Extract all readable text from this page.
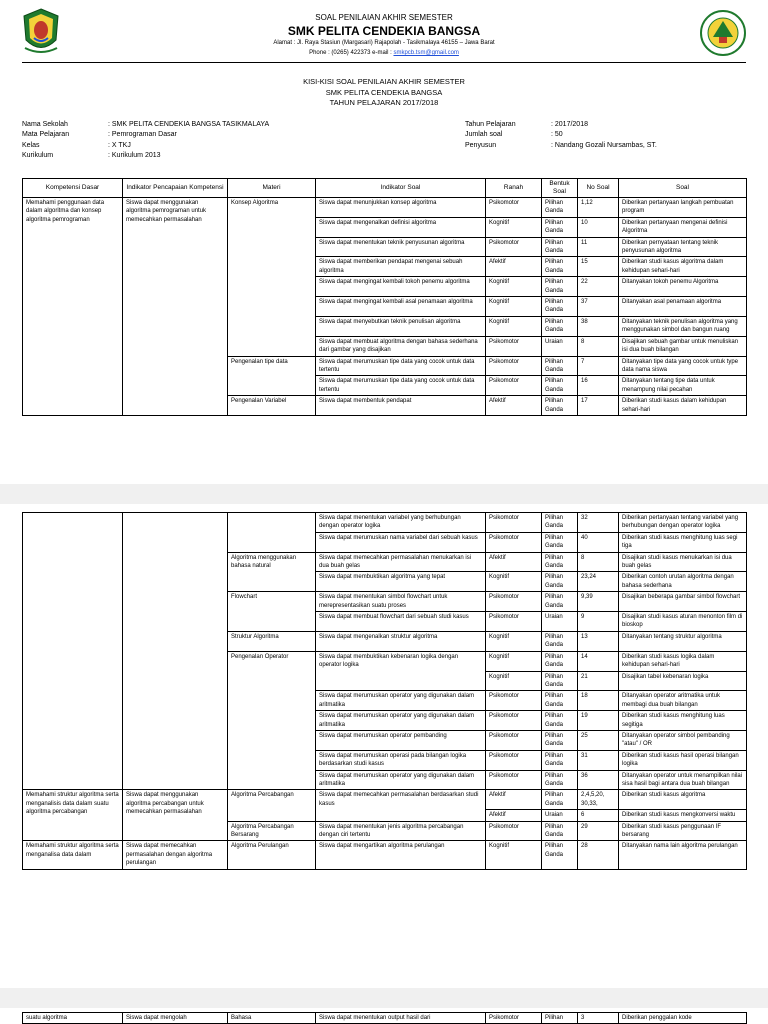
SOAL PENILAIAN AKHIR SEMESTER
SMK PELITA CENDEKIA BANGSA
Alamat : Jl. Raya Stasiun (Margasari) Rajapolah - Tasikmalaya 46155 – Jawa Barat
Phone : (0265) 422373 e-mail : smkpcb.tsm@gmail.com
KISI-KISI SOAL PENILAIAN AKHIR SEMESTER
SMK PELITA CENDEKIA BANGSA
TAHUN PELAJARAN 2017/2018
Nama Sekolah	: SMK PELITA CENDEKIA BANGSA TASIKMALAYA
Mata Pelajaran	: Pemrograman Dasar
Kelas	: X TKJ
Kurikulum	: Kurikulum 2013
Tahun Pelajaran	: 2017/2018
Jumlah soal	: 50
Penyusun	: Nandang Gozali Nursambas, ST.
Kompetensi Dasar	Indikator Pencapaian Kompetensi	Materi	Indikator Soal	Ranah	Bentuk Soal	No Soal	Soal
Memahami penggunaan data dalam algoritma dan konsep algoritma pemrograman	Siswa dapat menggunakan algoritma pemrograman untuk memecahkan permasalahan	Konsep Algoritma	Siswa dapat menunjukkan konsep algoritma	Psikomotor	Pilihan Ganda	1,12	Diberikan pertanyaan langkah pembuatan program
			Siswa dapat mengenalkan definisi algoritma	Kognitif	Pilihan Ganda	10	Diberikan pertanyaan mengenai definisi Algoritma
			Siswa dapat menentukan teknik penyusunan algoritma	Psikomotor	Pilihan Ganda	11	Diberikan pernyataan tentang teknik penyusunan algoritma
			Siswa dapat memberikan pendapat mengenai sebuah algoritma	Afektif	Pilihan Ganda	15	Diberikan studi kasus algoritma dalam kehidupan sehari-hari
			Siswa dapat mengingat kembali tokoh penemu algoritma	Kognitif	Pilihan Ganda	22	Ditanyakan tokoh penemu Algoritma
			Siswa dapat mengingat kembali asal penamaan algoritma	Kognitif	Pilihan Ganda	37	Ditanyakan asal penamaan algoritma
			Siswa dapat menyebutkan teknik penulisan algoritma	Kognitif	Pilihan Ganda	38	Ditanyakan teknik penulisan algoritma yang menggunakan simbol dan bangun ruang
			Siswa dapat membuat algoritma dengan bahasa sederhana dari gambar yang disajikan	Psikomotor	Uraian	8	Disajikan sebuah gambar untuk menuliskan isi dua buah bilangan
		Pengenalan tipe data	Siswa dapat merumuskan tipe data yang cocok untuk data tertentu	Psikomotor	Pilihan Ganda	7	Ditanyakan tipe data yang cocok untuk type data nama siswa
			Siswa dapat merumuskan tipe data yang cocok untuk data tertentu	Psikomotor	Pilihan Ganda	16	Ditanyakan tentang tipe data untuk menampung nilai pecahan
		Pengenalan Variabel	Siswa dapat membentuk pendapat	Afektif	Pilihan Ganda	17	Diberikan studi kasus dalam kehidupan sehari-hari
			Siswa dapat menentukan variabel yang berhubungan dengan operator logika	Psikomotor	Pilihan Ganda	32	Diberikan pertanyaan tentang variabel yang berhubungan dengan operator logika
			Siswa dapat merumuskan nama variabel dari sebuah kasus	Psikomotor	Pilihan Ganda	40	Diberikan studi kasus menghitung luas segi tiga
		Algoritma menggunakan bahasa natural	Siswa dapat memecahkan permasalahan menukarkan isi dua buah gelas	Afektif	Pilihan Ganda	8	Disajikan studi kasus menukarkan isi dua buah gelas
			Siswa dapat membuktikan algoritma yang tepat	Kognitif	Pilihan Ganda	23,24	Diberikan contoh urutan algoritma dengan bahasa sederhana
		Flowchart	Siswa dapat menentukan simbol flowchart untuk merepresentasikan suatu proses	Psikomotor	Pilihan Ganda	9,39	Disajikan beberapa gambar simbol flowchart
			Siswa dapat membuat flowchart dari sebuah studi kasus	Psikomotor	Uraian	9	Disajikan studi kasus aturan menonton film di bioskop
		Struktur Algoritma	Siswa dapat mengenalkan struktur algoritma	Kognitif	Pilihan Ganda	13	Ditanyakan tentang struktur algoritma
		Pengenalan Operator	Siswa dapat membuktikan kebenaran logika dengan operator logika	Kognitif	Pilihan Ganda	14	Diberikan studi kasus logika dalam kehidupan sehari-hari
				Kognitif	Pilihan Ganda	21	Disajikan tabel kebenaran logika
			Siswa dapat merumuskan operator yang digunakan dalam aritmatika	Psikomotor	Pilihan Ganda	18	Ditanyakan operator aritmatika untuk membagi dua buah bilangan
			Siswa dapat merumuskan operator yang digunakan dalam aritmatika	Psikomotor	Pilihan Ganda	19	Diberikan studi kasus menghitung luas segitiga
			Siswa dapat merumuskan operator pembanding	Psikomotor	Pilihan Ganda	25	Ditanyakan operator simbol pembanding "atau" / OR
			Siswa dapat merumuskan operasi pada bilangan logika berdasarkan studi kasus	Psikomotor	Pilihan Ganda	31	Diberikan studi kasus hasil operasi bilangan logika
			Siswa dapat merumuskan operator yang digunakan dalam aritmatika	Psikomotor	Pilihan Ganda	36	Ditanyakan operator untuk menampilkan nilai sisa hasil bagi antara dua buah bilangan
Memahami struktur algoritma serta menganalisis data dalam suatu algoritma percabangan	Siswa dapat menggunakan algoritma percabangan untuk memecahkan permasalahan	Algoritma Percabangan	Siswa dapat memecahkan permasalahan berdasarkan studi kasus	Afektif	Pilihan Ganda	2,4,5,20, 30,33,	Diberikan studi kasus algoritma
				Afektif	Uraian	6	Diberikan studi kasus mengkonversi waktu
		Algoritma Percabangan Bersarang	Siswa dapat menentukan jenis algoritma percabangan dengan ciri tertentu	Psikomotor	Pilihan Ganda	29	Diberikan studi kasus penggunaan IF bersarang
Memahami struktur algoritma serta menganalisa data dalam	Siswa dapat memecahkan permasalahan dengan algoritma perulangan	Algoritma Perulangan	Siswa dapat mengartikan algoritma perulangan	Kognitif	Pilihan Ganda	28	Ditanyakan nama lain algoritma perulangan
suatu algoritma	Siswa dapat mengolah	Bahasa	Siswa dapat menentukan output hasil dari	Psikomotor	Pilihan	3	Diberikan penggalan kode
